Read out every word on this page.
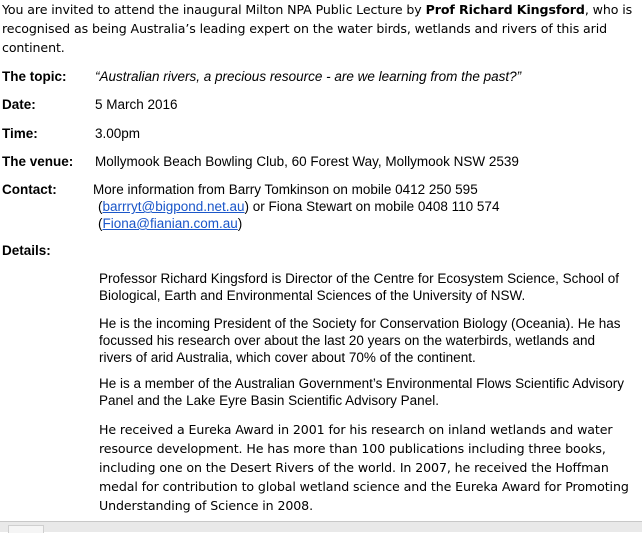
You are invited to attend the inaugural Milton NPA Public Lecture by Prof Richard Kingsford, who is recognised as being Australia’s leading expert on the water birds, wetlands and rivers of this arid continent.
The topic: “Australian rivers, a precious resource - are we learning from the past?”
Date:	5 March 2016
Time:	3.00pm
The venue: Mollymook Beach Bowling Club, 60 Forest Way, Mollymook NSW 2539
Contact:	More information from Barry Tomkinson on mobile 0412 250 595
(barrryt@bigpond.net.au) or Fiona Stewart on mobile 0408 110 574
(Fiona@fianian.com.au)
Details:
Professor Richard Kingsford is Director of the Centre for Ecosystem Science, School of Biological, Earth and Environmental Sciences of the University of NSW.
He is the incoming President of the Society for Conservation Biology (Oceania). He has focussed his research over about the last 20 years on the waterbirds, wetlands and rivers of arid Australia, which cover about 70% of the continent.
He is a member of the Australian Government’s Environmental Flows Scientific Advisory Panel and the Lake Eyre Basin Scientific Advisory Panel.
He received a Eureka Award in 2001 for his research on inland wetlands and water resource development. He has more than 100 publications including three books, including one on the Desert Rivers of the world. In 2007, he received the Hoffman medal for contribution to global wetland science and the Eureka Award for Promoting Understanding of Science in 2008.
